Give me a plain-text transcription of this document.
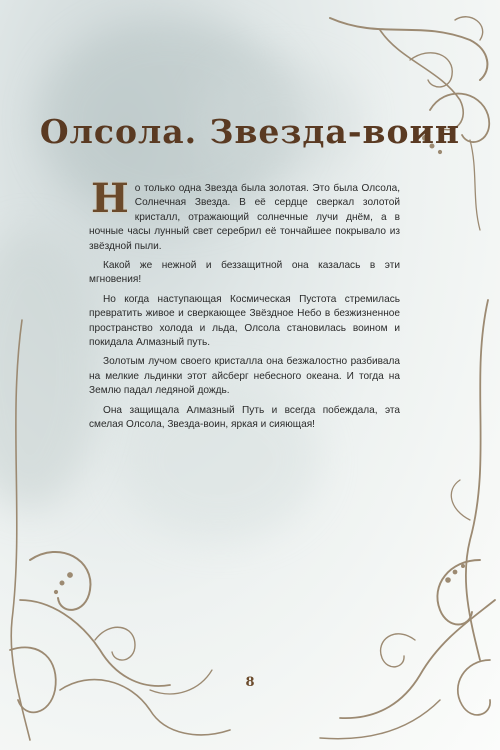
Олсола. Звезда-воин

Н о только одна Звезда была золотая. Это была Олсола, Солнечная Звезда. В её сердце сверкал золотой кристалл, отражающий солнечные лучи днём, а в ночные часы лунный свет серебрил её тончайшее покрывало из звёздной пыли.

Какой же нежной и беззащитной она казалась в эти мгновения!

Но когда наступающая Космическая Пустота стремилась превратить живое и сверкающее Звёздное Небо в безжизненное пространство холода и льда, Олсола становилась воином и покидала Алмазный путь.

Золотым лучом своего кристалла она безжалостно разбивала на мелкие льдинки этот айсберг небесного океана. И тогда на Землю падал ледяной дождь.

Она защищала Алмазный Путь и всегда побеждала, эта смелая Олсола, Звезда-воин, яркая и сияющая!

8
